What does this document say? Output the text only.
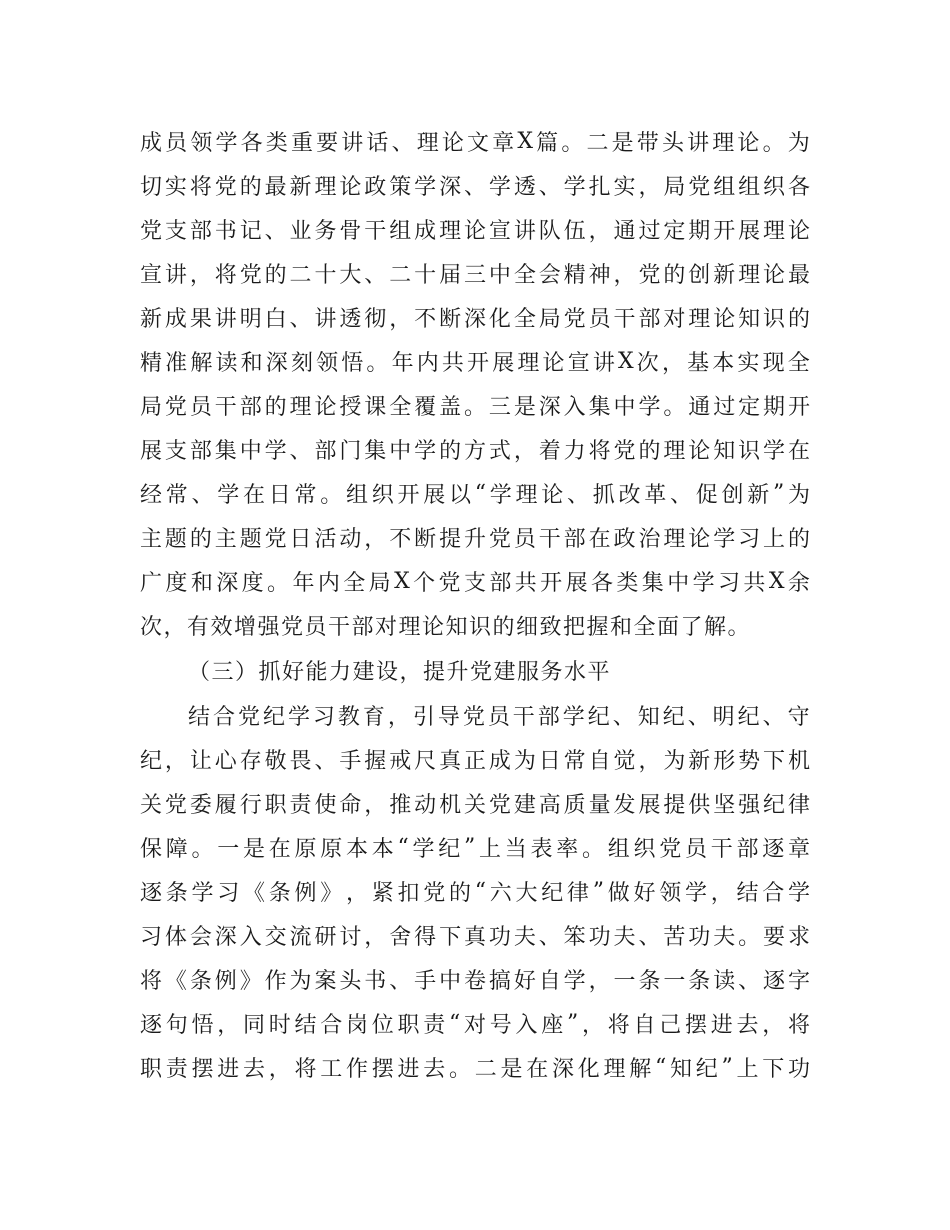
成 员 领 学 各 类 重 要 讲 话 、 理 论 文 章 X 篇 。 二 是 带 头 讲 理 论 。 为
切 实 将 党 的 最 新 理 论 政 策 学 深 、 学 透 、 学 扎 实 ， 局 党 组 组 织 各
党 支 部 书 记 、 业 务 骨 干 组 成 理 论 宣 讲 队 伍 ， 通 过 定 期 开 展 理 论
宣 讲 ， 将 党 的 二 十 大 、 二 十 届 三 中 全 会 精 神 ， 党 的 创 新 理 论 最
新 成 果 讲 明 白 、 讲 透 彻 ， 不 断 深 化 全 局 党 员 干 部 对 理 论 知 识 的
精 准 解 读 和 深 刻 领 悟 。 年 内 共 开 展 理 论 宣 讲 X 次 ， 基 本 实 现 全
局 党 员 干 部 的 理 论 授 课 全 覆 盖 。 三 是 深 入 集 中 学 。 通 过 定 期 开
展 支 部 集 中 学 、 部 门 集 中 学 的 方 式 ， 着 力 将 党 的 理 论 知 识 学 在
经 常 、 学 在 日 常 。 组 织 开 展 以 “ 学 理 论 、 抓 改 革 、 促 创 新 ” 为
主 题 的 主 题 党 日 活 动 ， 不 断 提 升 党 员 干 部 在 政 治 理 论 学 习 上 的
广 度 和 深 度 。 年 内 全 局 X 个 党 支 部 共 开 展 各 类 集 中 学 习 共 X 余
次，有效增强党员干部对理论知识的细致把握和全面了解。
（三）抓好能力建设，提升党建服务水平
结 合 党 纪 学 习 教 育 ， 引 导 党 员 干 部 学 纪 、 知 纪 、 明 纪 、 守
纪 ， 让 心 存 敬 畏 、 手 握 戒 尺 真 正 成 为 日 常 自 觉 ， 为 新 形 势 下 机
关 党 委 履 行 职 责 使 命 ， 推 动 机 关 党 建 高 质 量 发 展 提 供 坚 强 纪 律
保 障 。 一 是 在 原 原 本 本 “ 学 纪 ” 上 当 表 率 。 组 织 党 员 干 部 逐 章
逐 条 学 习 《 条 例 》 ， 紧 扣 党 的 “ 六 大 纪 律 ” 做 好 领 学 ， 结 合 学
习 体 会 深 入 交 流 研 讨 ， 舍 得 下 真 功 夫 、 笨 功 夫 、 苦 功 夫 。 要 求
将 《 条 例 》 作 为 案 头 书 、 手 中 卷 搞 好 自 学 ， 一 条 一 条 读 、 逐 字
逐 句 悟 ， 同 时 结 合 岗 位 职 责 “ 对 号 入 座 ” ， 将 自 己 摆 进 去 ， 将
职 责 摆 进 去 ， 将 工 作 摆 进 去 。 二 是 在 深 化 理 解 “ 知 纪 ” 上 下 功
